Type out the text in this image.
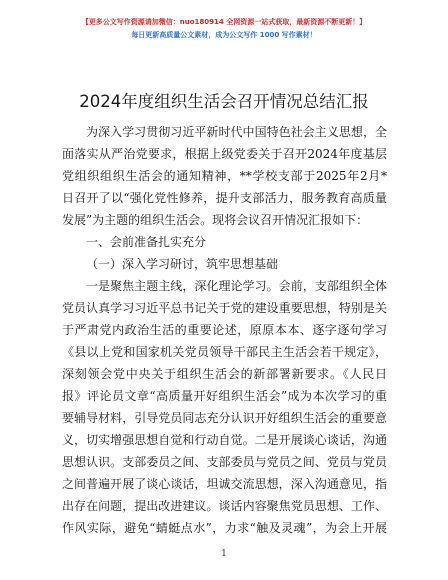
【更多公文写作资源请加微信：nuo180914 全网资源一站式获取，最新资源不断更新！】
每日更新高质量公文素材，成为公文写作 1000 写作素材！
2024年度组织生活会召开情况总结汇报
为深入学习贯彻习近平新时代中国特色社会主义思想，全
面落实从严治党要求，根据上级党委关于召开2024年度基层
党组织组织生活会的通知精神，**学校支部于2025年2月*
日召开了以“强化党性修养，提升支部活力，服务教育高质量
发展”为主题的组织生活会。现将会议召开情况汇报如下：
一、会前准备扎实充分
（一）深入学习研讨，筑牢思想基础
一是聚焦主题主线，深化理论学习。会前，支部组织全体
党员认真学习习近平总书记关于党的建设重要思想，特别是关
于严肃党内政治生活的重要论述，原原本本、逐字逐句学习
《县以上党和国家机关党员领导干部民主生活会若干规定》，
深刻领会党中央关于组织生活会的新部署新要求。《人民日
报》评论员文章“高质量开好组织生活会”成为本次学习的重
要辅导材料，引导党员同志充分认识开好组织生活会的重要意
义，切实增强思想自觉和行动自觉。二是开展谈心谈话，沟通
思想认识。支部委员之间、支部委员与党员之间、党员与党员
之间普遍开展了谈心谈话，坦诚交流思想，深入沟通意见，指
出存在问题，提出改进建议。谈话内容聚焦党员思想、工作、
作风实际，避免“蜻蜓点水”，力求“触及灵魂”，为会上开展
1
